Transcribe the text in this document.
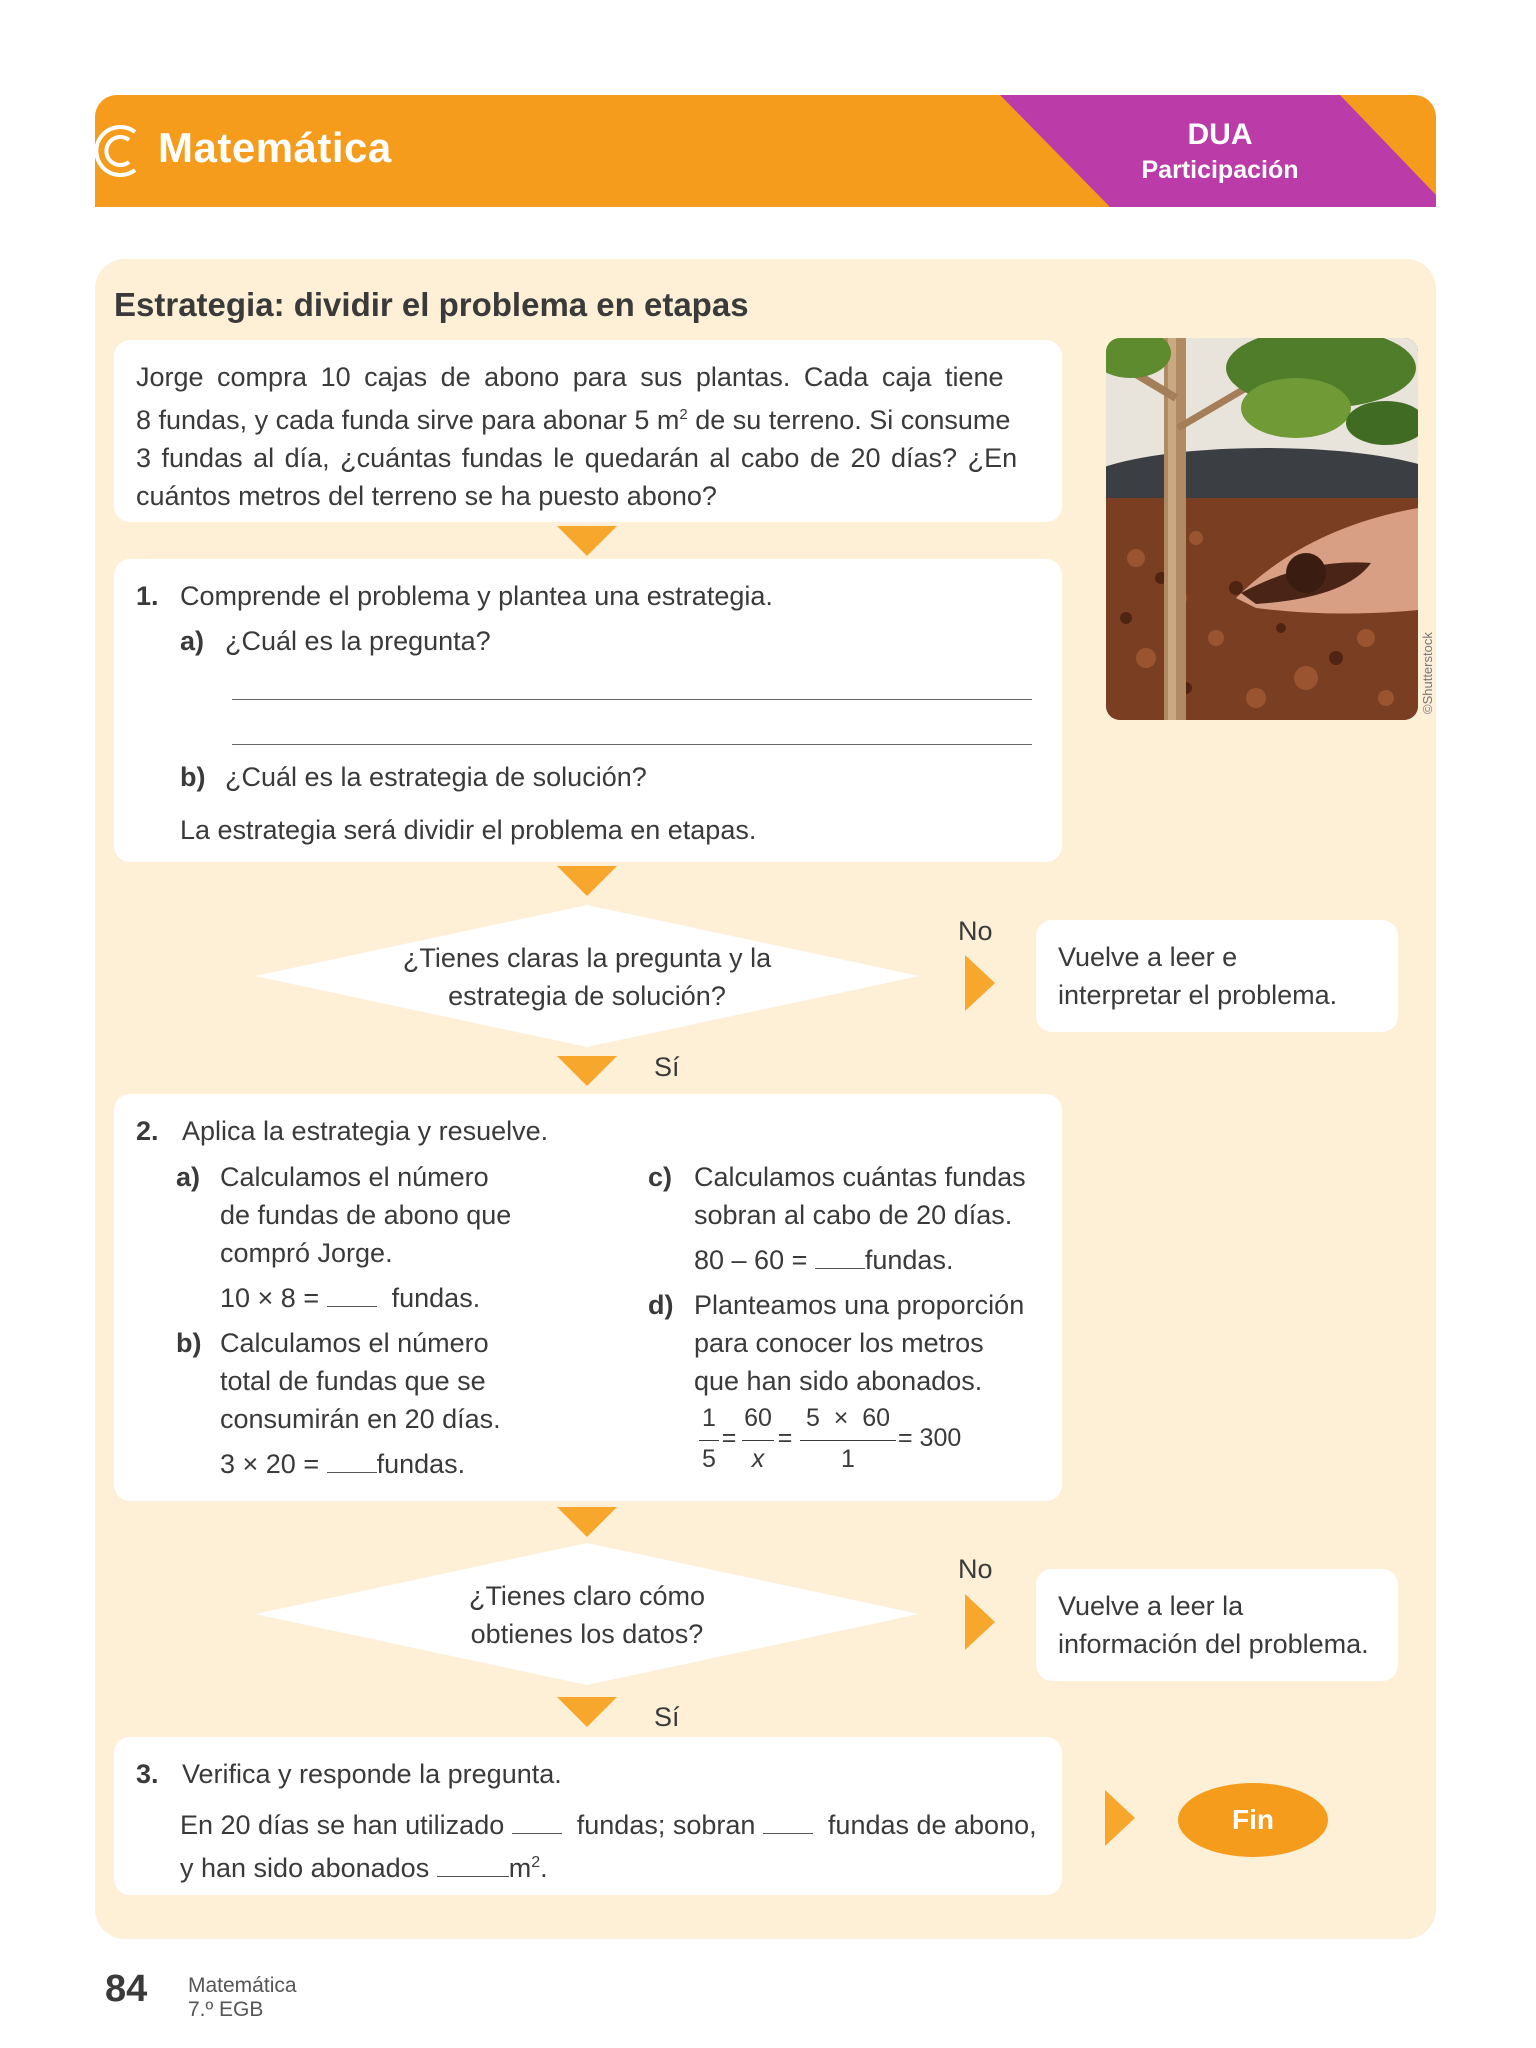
Matemática	DUA
Participación
Estrategia: dividir el problema en etapas
Jorge compra 10 cajas de abono para sus plantas. Cada caja tiene
8 fundas, y cada funda sirve para abonar 5 $m^2$ de su terreno. Si consume
3 fundas al día, ¿cuántas fundas le quedarán al cabo de 20 días? ¿En
cuántos metros del terreno se ha puesto abono?
©Shutterstock
1. Comprende el problema y plantea una estrategia.
a) ¿Cuál es la pregunta?
b) ¿Cuál es la estrategia de solución?
La estrategia será dividir el problema en etapas.
¿Tienes claras la pregunta y la
estrategia de solución?
No
Vuelve a leer e
interpretar el problema.
Sí
2. Aplica la estrategia y resuelve.
a) Calculamos el número
de fundas de abono que
compró Jorge.
10 × 8 =	fundas.
b) Calculamos el número
total de fundas que se
consumirán en 20 días.
3 × 20 = fundas.
c) Calculamos cuántas fundas
sobran al cabo de 20 días.
80 – 60 = fundas.
d) Planteamos una proporción
para conocer los metros
que han sido abonados.
1
5
=
60
x
=
5  ×  60
1
= 300
¿Tienes claro cómo
obtienes los datos?
No
Vuelve a leer la
información del problema.
Sí
3. Verifica y responde la pregunta.
En 20 días se han utilizado	fundas; sobran	fundas de abono,
y han sido abonados	$m^2$.
Fin
84 Matemática
7.º EGB
